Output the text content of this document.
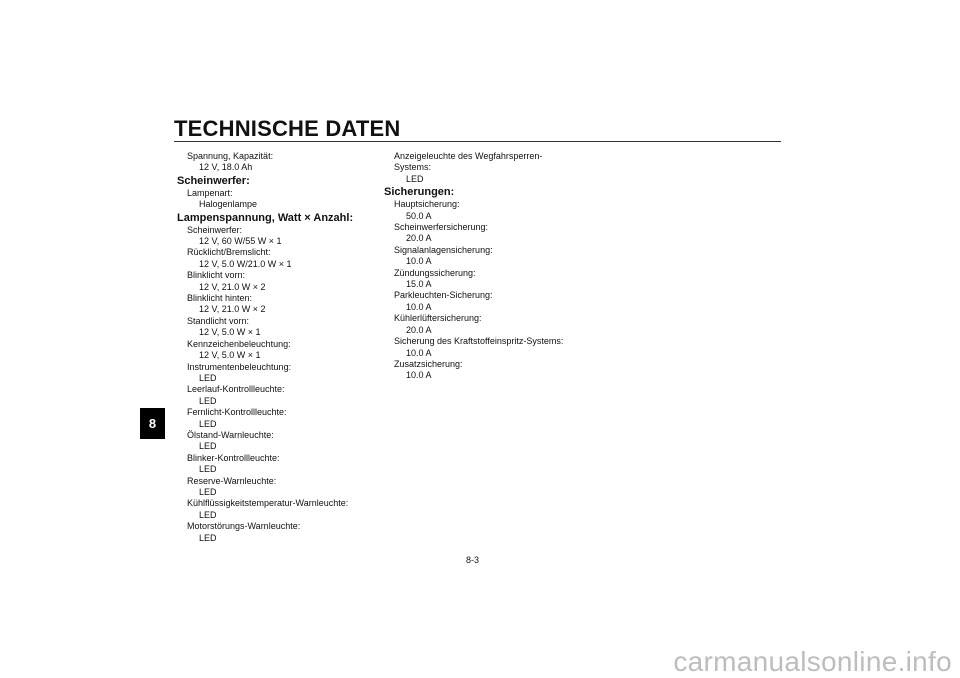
TECHNISCHE DATEN
8
Spannung, Kapazität:
12 V, 18.0 Ah
Scheinwerfer:
Lampenart:
Halogenlampe
Lampenspannung, Watt × Anzahl:
Scheinwerfer:
12 V, 60 W/55 W × 1
Rücklicht/Bremslicht:
12 V, 5.0 W/21.0 W × 1
Blinklicht vorn:
12 V, 21.0 W × 2
Blinklicht hinten:
12 V, 21.0 W × 2
Standlicht vorn:
12 V, 5.0 W × 1
Kennzeichenbeleuchtung:
12 V, 5.0 W × 1
Instrumentenbeleuchtung:
LED
Leerlauf-Kontrollleuchte:
LED
Fernlicht-Kontrollleuchte:
LED
Ölstand-Warnleuchte:
LED
Blinker-Kontrollleuchte:
LED
Reserve-Warnleuchte:
LED
Kühlflüssigkeitstemperatur-Warnleuchte:
LED
Motorstörungs-Warnleuchte:
LED
Anzeigeleuchte des Wegfahrsperren-
Systems:
LED
Sicherungen:
Hauptsicherung:
50.0 A
Scheinwerfersicherung:
20.0 A
Signalanlagensicherung:
10.0 A
Zündungssicherung:
15.0 A
Parkleuchten-Sicherung:
10.0 A
Kühlerlüftersicherung:
20.0 A
Sicherung des Kraftstoffeinspritz-Systems:
10.0 A
Zusatzsicherung:
10.0 A
8-3
carmanualsonline.info
